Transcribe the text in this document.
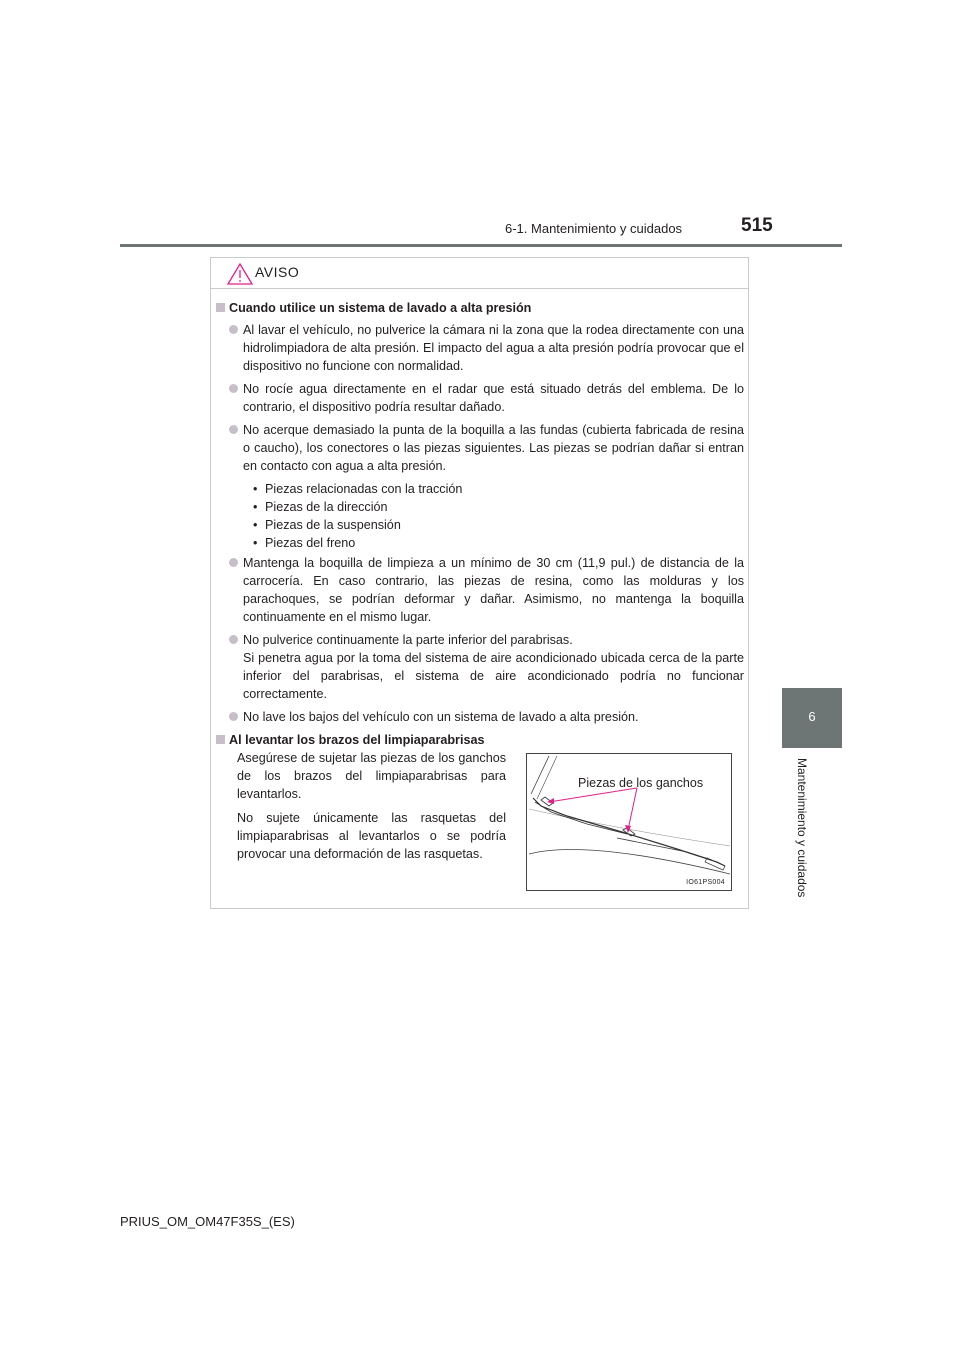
6-1. Mantenimiento y cuidados	515
6
Mantenimiento y cuidados
AVISO
Cuando utilice un sistema de lavado a alta presión
Al lavar el vehículo, no pulverice la cámara ni la zona que la rodea directamente con una hidrolimpiadora de alta presión. El impacto del agua a alta presión podría provocar que el dispositivo no funcione con normalidad.
No rocíe agua directamente en el radar que está situado detrás del emblema. De lo contrario, el dispositivo podría resultar dañado.
No acerque demasiado la punta de la boquilla a las fundas (cubierta fabricada de resina o caucho), los conectores o las piezas siguientes. Las piezas se podrían dañar si entran en contacto con agua a alta presión.
• Piezas relacionadas con la tracción
• Piezas de la dirección
• Piezas de la suspensión
• Piezas del freno
Mantenga la boquilla de limpieza a un mínimo de 30 cm (11,9 pul.) de distancia de la carrocería. En caso contrario, las piezas de resina, como las molduras y los parachoques, se podrían deformar y dañar. Asimismo, no mantenga la boquilla continuamente en el mismo lugar.
No pulverice continuamente la parte inferior del parabrisas.
Si penetra agua por la toma del sistema de aire acondicionado ubicada cerca de la parte inferior del parabrisas, el sistema de aire acondicionado podría no funcionar correctamente.
No lave los bajos del vehículo con un sistema de lavado a alta presión.
Al levantar los brazos del limpiaparabrisas

Asegúrese de sujetar las piezas de los ganchos de los brazos del limpiaparabrisas para levantarlos.

No sujete únicamente las rasquetas del limpiaparabrisas al levantarlos o se podría provocar una deformación de las rasquetas.

Piezas de los ganchos
IO61PS004
PRIUS_OM_OM47F35S_(ES)
